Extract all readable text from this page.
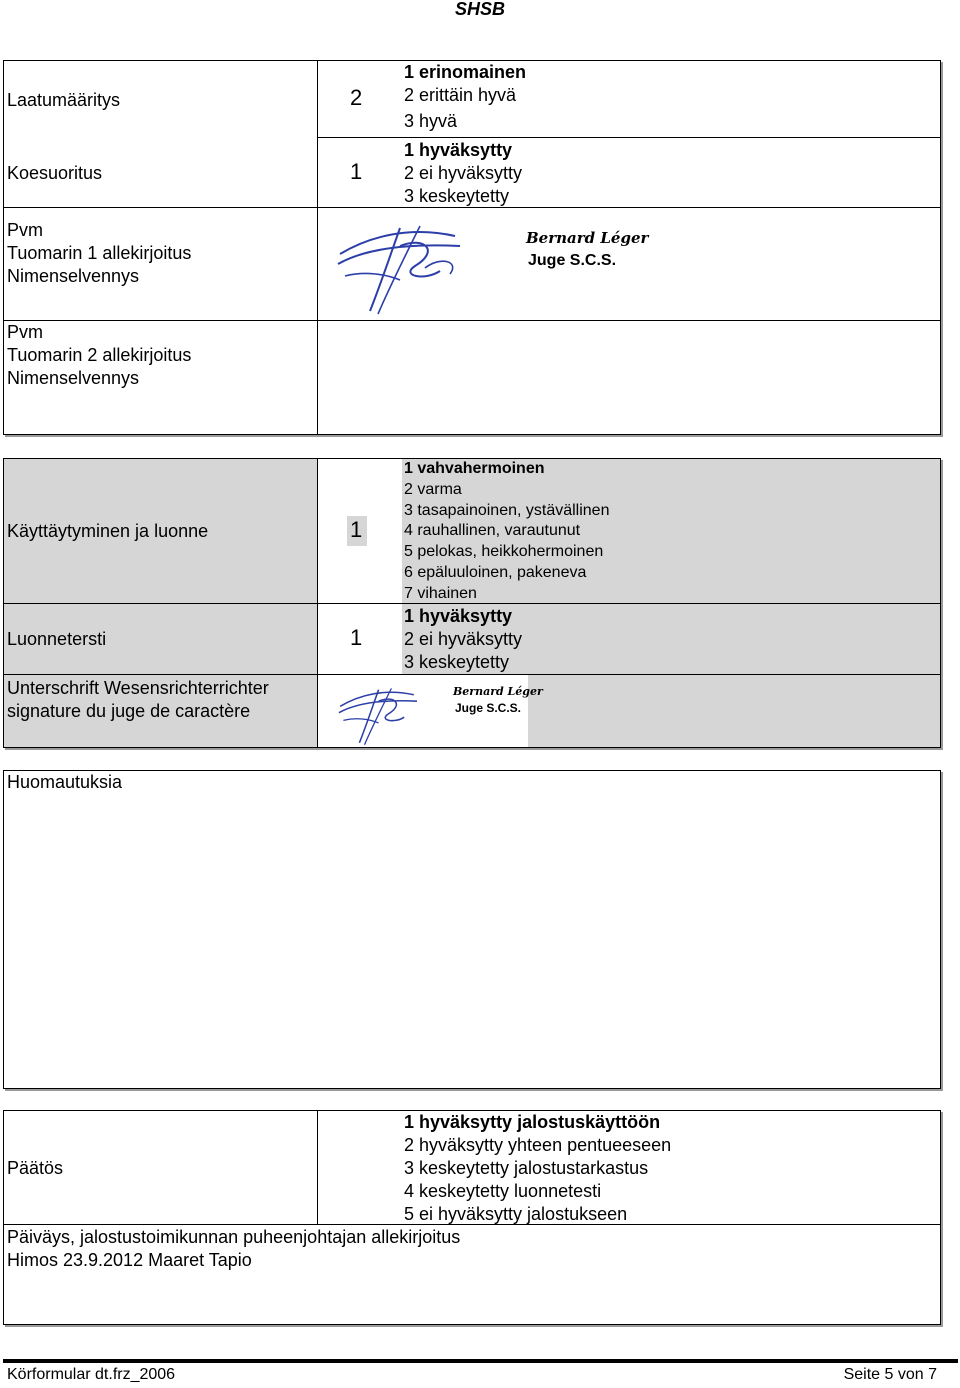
SHSB
Laatumääritys	2
1 erinomainen
2 erittäin hyvä
3 hyvä
Koesuoritus	1
1 hyväksytty
2 ei hyväksytty
3 keskeytetty
Pvm
Tuomarin 1 allekirjoitus
Nimenselvennys
Bernard Léger
Juge S.C.S.
Pvm
Tuomarin 2 allekirjoitus
Nimenselvennys
Käyttäytyminen ja luonne	1
1 vahvahermoinen
2 varma
3 tasapainoinen, ystävällinen
4 rauhallinen, varautunut
5 pelokas, heikkohermoinen
6 epäluuloinen, pakeneva
7 vihainen
Luonnetersti	1
1 hyväksytty
2 ei hyväksytty
3 keskeytetty
Unterschrift Wesensrichterrichter
signature du juge de caractère
Bernard Léger
Juge S.C.S.
Huomautuksia
Päätös
1 hyväksytty jalostuskäyttöön
2 hyväksytty yhteen pentueeseen
3 keskeytetty jalostustarkastus
4 keskeytetty luonnetesti
5 ei hyväksytty jalostukseen
Päiväys, jalostustoimikunnan puheenjohtajan allekirjoitus
Himos 23.9.2012 Maaret Tapio
Körformular dt.frz_2006	Seite 5 von 7
